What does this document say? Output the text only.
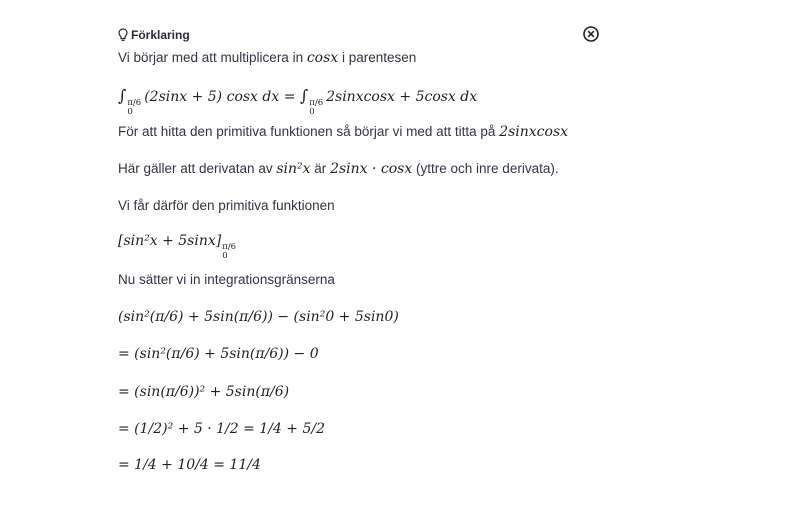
Förklaring
Vi börjar med att multiplicera in cosx i parentesen
∫ π/6
0
(2sinx + 5) cosx dx = ∫ π/6
0
2sinxcosx + 5cosx dx
För att hitta den primitiva funktionen så börjar vi med att titta på 2sinxcosx
Här gäller att derivatan av sin²x är 2sinx · cosx (yttre och inre derivata).
Vi får därför den primitiva funktionen
[sin²x + 5sinx] π/6
0
Nu sätter vi in integrationsgränserna
(sin²(π/6) + 5sin(π/6)) − (sin²0 + 5sin0)
= (sin²(π/6) + 5sin(π/6)) − 0
= (sin(π/6))² + 5sin(π/6)
= (1/2)² + 5 · 1/2 = 1/4 + 5/2
= 1/4 + 10/4 = 11/4
